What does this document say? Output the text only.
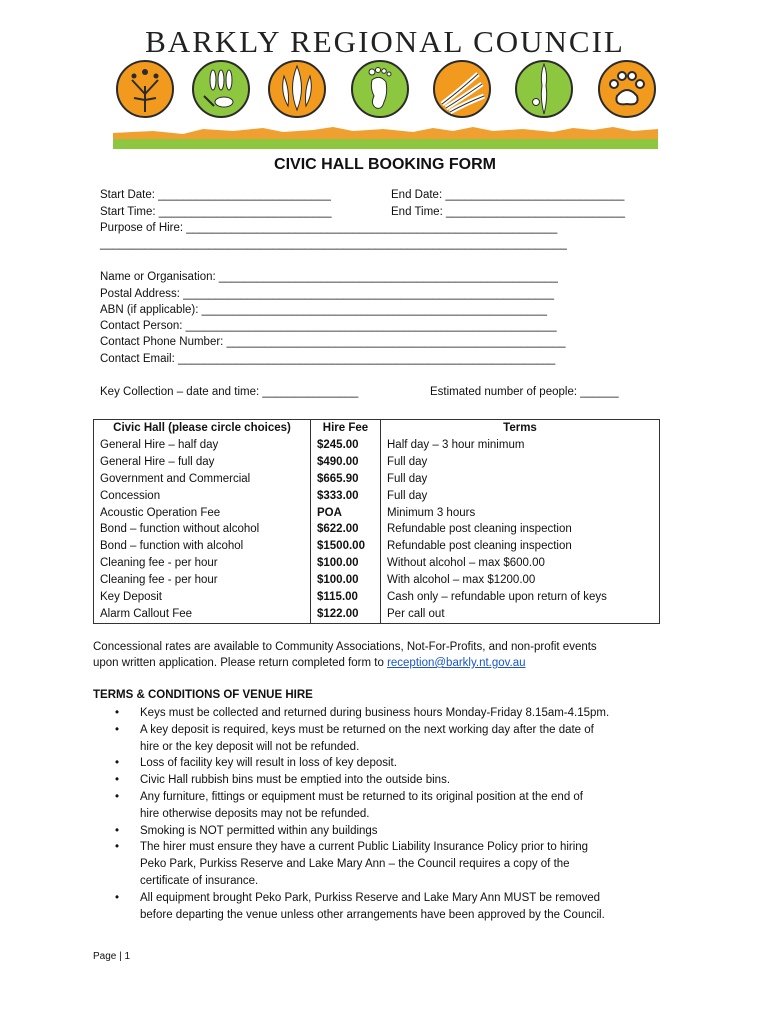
BARKLY REGIONAL COUNCIL
CIVIC HALL BOOKING FORM
Start Date: ___________________________	End Date: ____________________________
Start Time: ___________________________	End Time: ____________________________
Purpose of Hire: __________________________________________________________
_________________________________________________________________________
Name or Organisation: _____________________________________________________
Postal Address: __________________________________________________________
ABN (if applicable): ______________________________________________________
Contact Person: __________________________________________________________
Contact Phone Number: _____________________________________________________
Contact Email: ___________________________________________________________
Key Collection – date and time: _______________	Estimated number of people: ______
Civic Hall (please circle choices)	Hire Fee	Terms
General Hire – half day	$245.00	Half day – 3 hour minimum
General Hire – full day	$490.00	Full day
Government and Commercial	$665.90	Full day
Concession	$333.00	Full day
Acoustic Operation Fee	POA	Minimum 3 hours
Bond – function without alcohol	$622.00	Refundable post cleaning inspection
Bond – function with alcohol	$1500.00	Refundable post cleaning inspection
Cleaning fee - per hour	$100.00	Without alcohol – max $600.00
Cleaning fee - per hour	$100.00	With alcohol – max $1200.00
Key Deposit	$115.00	Cash only – refundable upon return of keys
Alarm Callout Fee	$122.00	Per call out
Concessional rates are available to Community Associations, Not-For-Profits, and non-profit events
upon written application. Please return completed form to reception@barkly.nt.gov.au
TERMS & CONDITIONS OF VENUE HIRE
• Keys must be collected and returned during business hours Monday-Friday 8.15am-4.15pm.
• A key deposit is required, keys must be returned on the next working day after the date of
hire or the key deposit will not be refunded.
• Loss of facility key will result in loss of key deposit.
• Civic Hall rubbish bins must be emptied into the outside bins.
• Any furniture, fittings or equipment must be returned to its original position at the end of
hire otherwise deposits may not be refunded.
• Smoking is NOT permitted within any buildings
• The hirer must ensure they have a current Public Liability Insurance Policy prior to hiring
Peko Park, Purkiss Reserve and Lake Mary Ann – the Council requires a copy of the
certificate of insurance.
• All equipment brought Peko Park, Purkiss Reserve and Lake Mary Ann MUST be removed
before departing the venue unless other arrangements have been approved by the Council.
Page | 1
